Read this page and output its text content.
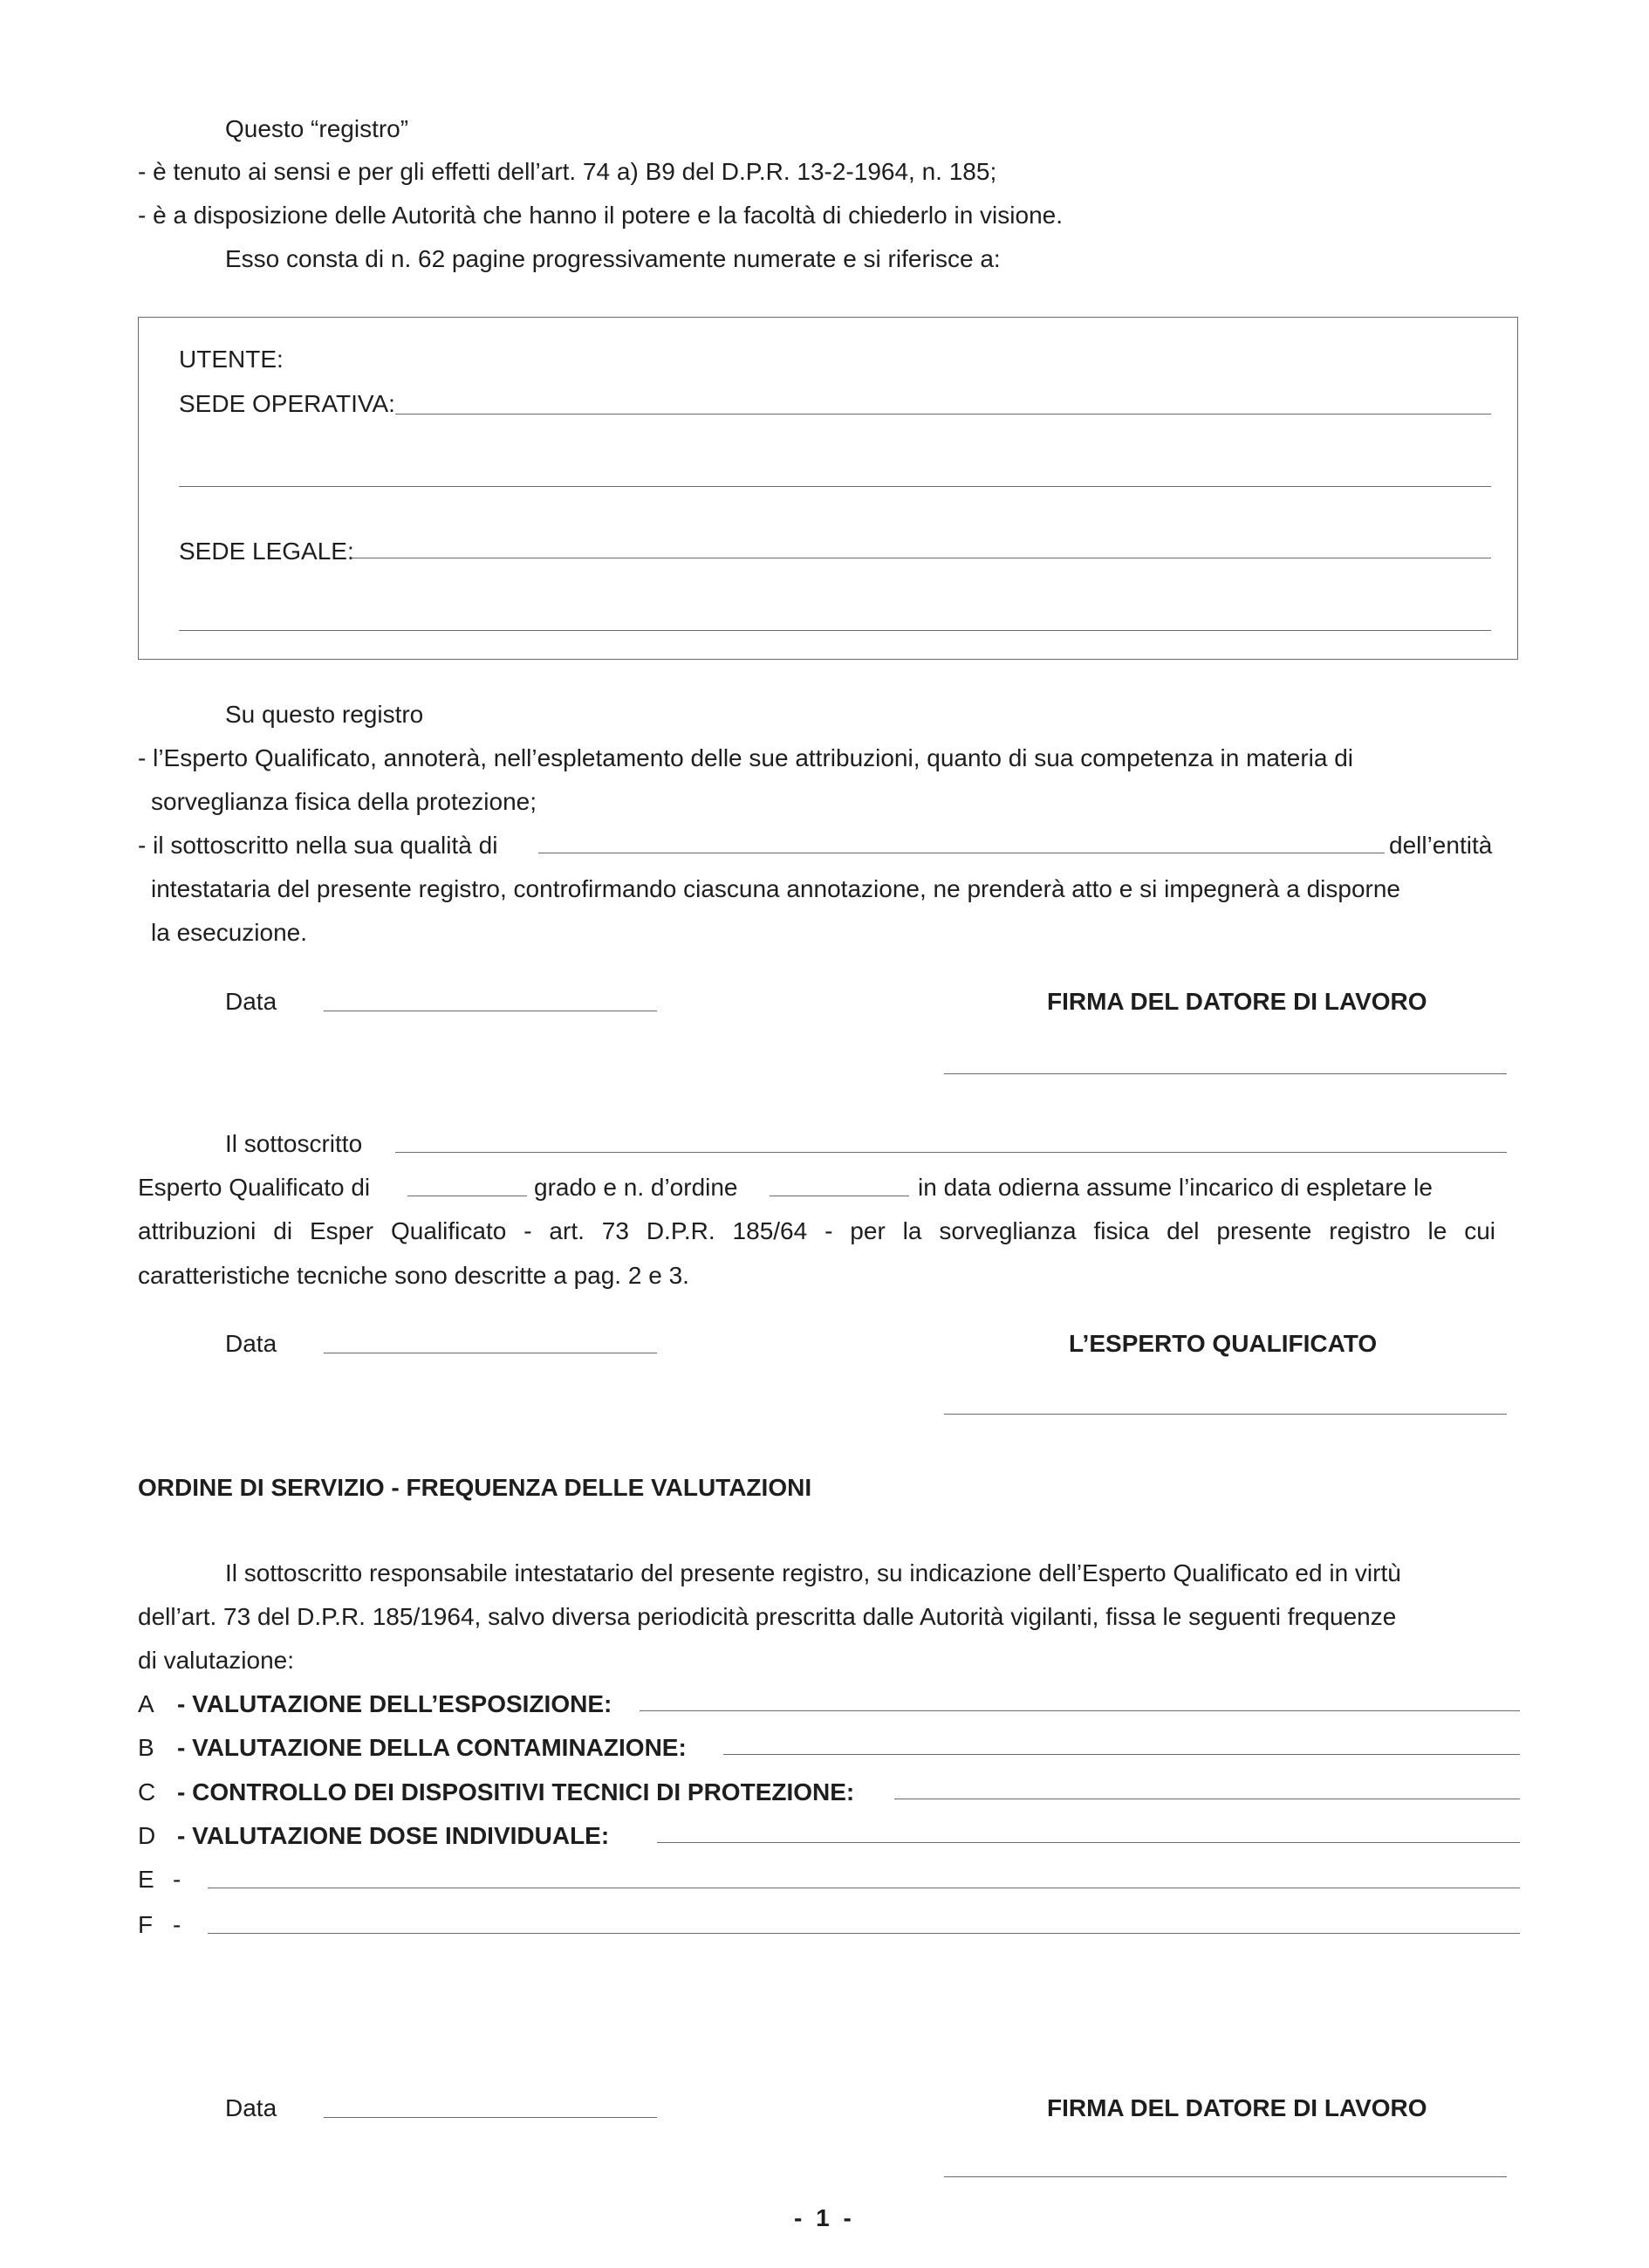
Questo “registro”
- è tenuto ai sensi e per gli effetti dell’art. 74 a) B9 del D.P.R. 13-2-1964, n. 185;
- è a disposizione delle Autorità che hanno il potere e la facoltà di chiederlo in visione.
Esso consta di n. 62 pagine progressivamente numerate e si riferisce a:
UTENTE:
SEDE OPERATIVA:
SEDE LEGALE:
Su questo registro
- l’Esperto Qualificato, annoterà, nell’espletamento delle sue attribuzioni, quanto di sua competenza in materia di
sorveglianza fisica della protezione;
- il sottoscritto nella sua qualità di	dell’entità
intestataria del presente registro, controfirmando ciascuna annotazione, ne prenderà atto e si impegnerà a disporne
la esecuzione.
Data	FIRMA DEL DATORE DI LAVORO
Il sottoscritto
Esperto Qualificato di	grado e n. d’ordine	in data odierna assume l’incarico di espletare le
attribuzioni di Esper Qualificato - art. 73 D.P.R. 185/64 - per la sorveglianza fisica del presente registro le cui
caratteristiche tecniche sono descritte a pag. 2 e 3.
Data	L’ESPERTO QUALIFICATO
ORDINE DI SERVIZIO - FREQUENZA DELLE VALUTAZIONI
Il sottoscritto responsabile intestatario del presente registro, su indicazione dell’Esperto Qualificato ed in virtù
dell’art. 73 del D.P.R. 185/1964, salvo diversa periodicità prescritta dalle Autorità vigilanti, fissa le seguenti frequenze
di valutazione:
A - VALUTAZIONE DELL’ESPOSIZIONE:
B - VALUTAZIONE DELLA CONTAMINAZIONE:
C - CONTROLLO DEI DISPOSITIVI TECNICI DI PROTEZIONE:
D - VALUTAZIONE DOSE INDIVIDUALE:
E -
F -
Data	FIRMA DEL DATORE DI LAVORO
- 1 -
